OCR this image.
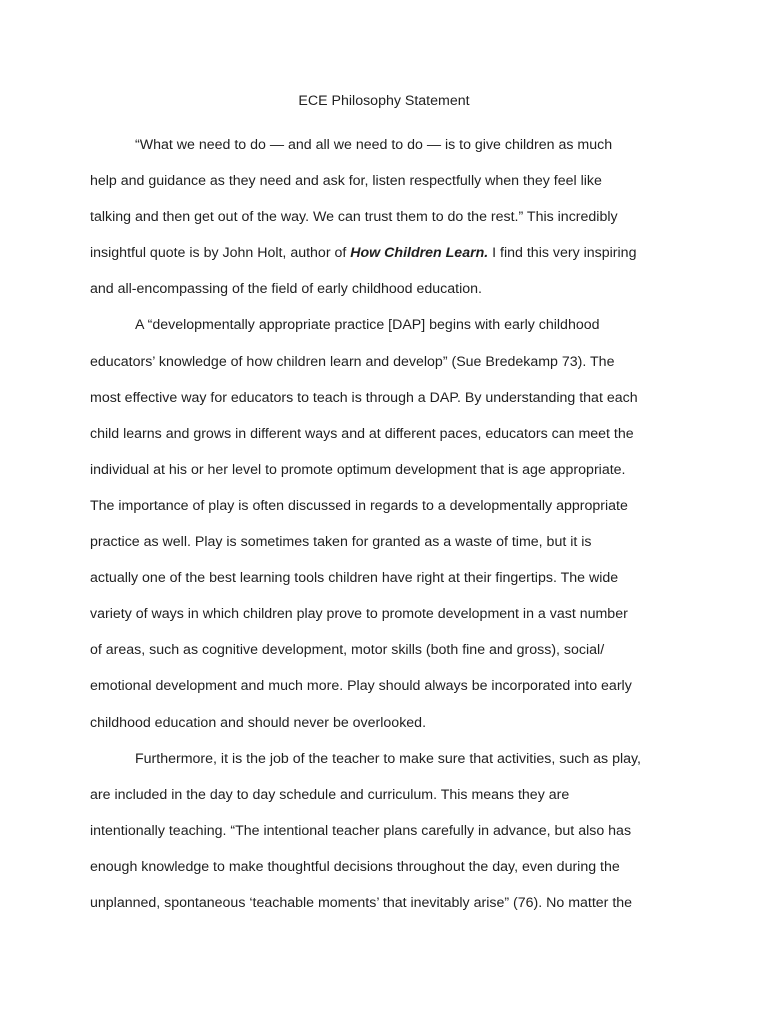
ECE Philosophy Statement
“What we need to do — and all we need to do — is to give children as much
help and guidance as they need and ask for, listen respectfully when they feel like
talking and then get out of the way. We can trust them to do the rest.” This incredibly
insightful quote is by John Holt, author of How Children Learn. I find this very inspiring
and all-encompassing of the field of early childhood education.
A “developmentally appropriate practice [DAP] begins with early childhood
educators’ knowledge of how children learn and develop” (Sue Bredekamp 73). The
most effective way for educators to teach is through a DAP. By understanding that each
child learns and grows in different ways and at different paces, educators can meet the
individual at his or her level to promote optimum development that is age appropriate.
The importance of play is often discussed in regards to a developmentally appropriate
practice as well. Play is sometimes taken for granted as a waste of time, but it is
actually one of the best learning tools children have right at their fingertips. The wide
variety of ways in which children play prove to promote development in a vast number
of areas, such as cognitive development, motor skills (both fine and gross), social/
emotional development and much more. Play should always be incorporated into early
childhood education and should never be overlooked.
Furthermore, it is the job of the teacher to make sure that activities, such as play,
are included in the day to day schedule and curriculum. This means they are
intentionally teaching. “The intentional teacher plans carefully in advance, but also has
enough knowledge to make thoughtful decisions throughout the day, even during the
unplanned, spontaneous ‘teachable moments’ that inevitably arise” (76). No matter the
